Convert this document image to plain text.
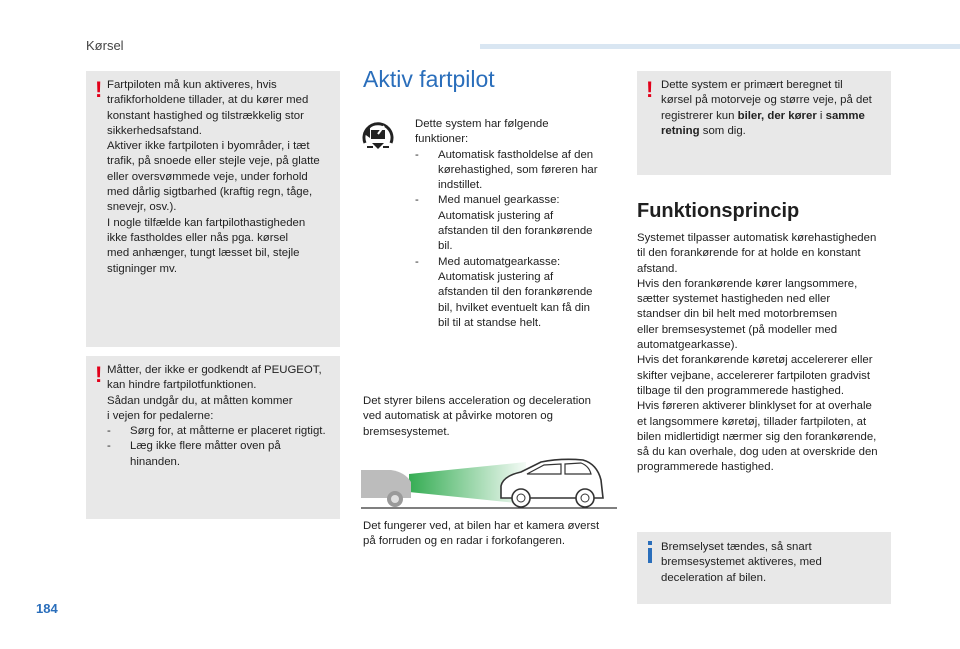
Kørsel
! Fartpiloten må kun aktiveres, hvis

trafikforholdene tillader, at du kører med

konstant hastighed og tilstrækkelig stor

sikkerhedsafstand.

Aktiver ikke fartpiloten i byområder, i tæt

trafik, på snoede eller stejle veje, på glatte

eller oversvømmede veje, under forhold

med dårlig sigtbarhed (kraftig regn, tåge,

snevejr, osv.).

I nogle tilfælde kan fartpilothastigheden

ikke fastholdes eller nås pga. kørsel

med anhænger, tungt læsset bil, stejle

stigninger mv.

! Måtter, der ikke er godkendt af PEUGEOT,

kan hindre fartpilotfunktionen.

Sådan undgår du, at måtten kommer

i vejen for pedalerne:

- Sørg for, at måtterne er placeret rigtigt.
- Læg ikke flere måtter oven på
hinanden.
Aktiv fartpilot

Dette system har følgende

funktioner:

- Automatisk fastholdelse af den
kørehastighed, som føreren har
indstillet.
- Med manuel gearkasse:
Automatisk justering af
afstanden til den forankørende
bil.
- Med automatgearkasse:
Automatisk justering af
afstanden til den forankørende
bil, hvilket eventuelt kan få din
bil til at standse helt.

Det styrer bilens acceleration og deceleration

ved automatisk at påvirke motoren og

bremsesystemet.

Det fungerer ved, at bilen har et kamera øverst

på forruden og en radar i forkofangeren.

! Dette system er primært beregnet til

kørsel på motorveje og større veje, på det

registrerer kun biler, der kører i samme

retning som dig.

Funktionsprincip

Systemet tilpasser automatisk kørehastigheden

til den forankørende for at holde en konstant

afstand.

Hvis den forankørende kører langsommere,

sætter systemet hastigheden ned eller

standser din bil helt med motorbremsen

eller bremsesystemet (på modeller med

automatgearkasse).

Hvis det forankørende køretøj accelererer eller

skifter vejbane, accelererer fartpiloten gradvist

tilbage til den programmerede hastighed.

Hvis føreren aktiverer blinklyset for at overhale

et langsommere køretøj, tillader fartpiloten, at

bilen midlertidigt nærmer sig den forankørende,

så du kan overhale, dog uden at overskride den

programmerede hastighed.

Bremselyset tændes, så snart

bremsesystemet aktiveres, med

deceleration af bilen.

184
